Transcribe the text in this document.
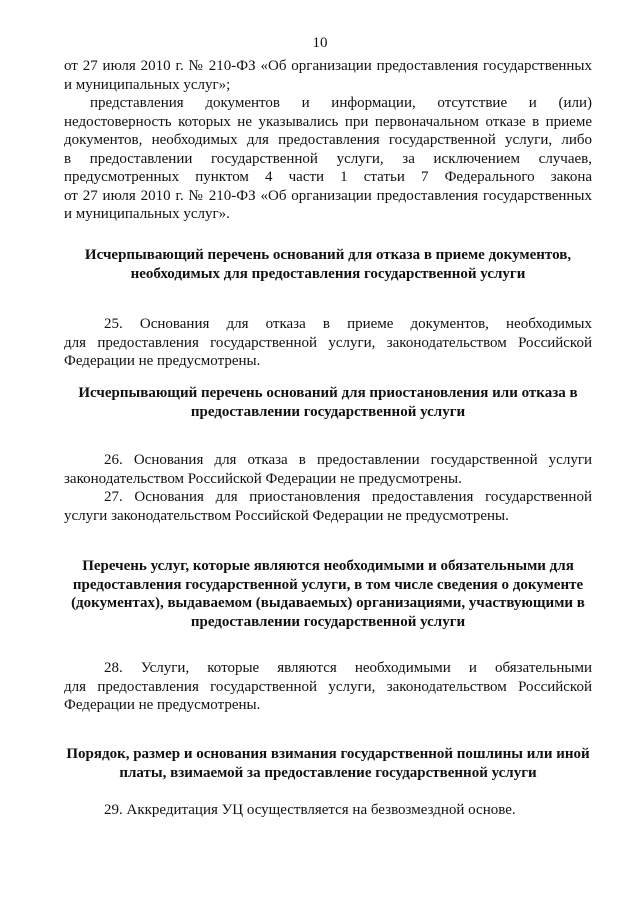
10

от 27 июля 2010 г. № 210-ФЗ «Об организации предоставления государственных
и муниципальных услуг»;

представления документов и информации, отсутствие и (или)
недостоверность которых не указывались при первоначальном отказе в приеме
документов, необходимых для предоставления государственной услуги, либо
в предоставлении государственной услуги, за исключением случаев,
предусмотренных пунктом 4 части 1 статьи 7 Федерального закона
от 27 июля 2010 г. № 210-ФЗ «Об организации предоставления государственных
и муниципальных услуг».

Исчерпывающий перечень оснований для отказа в приеме документов,
необходимых для предоставления государственной услуги

25. Основания для отказа в приеме документов, необходимых
для предоставления государственной услуги, законодательством Российской
Федерации не предусмотрены.

Исчерпывающий перечень оснований для приостановления или отказа в
предоставлении государственной услуги

26. Основания для отказа в предоставлении государственной услуги
законодательством Российской Федерации не предусмотрены.

27. Основания для приостановления предоставления государственной
услуги законодательством Российской Федерации не предусмотрены.

Перечень услуг, которые являются необходимыми и обязательными для
предоставления государственной услуги, в том числе сведения о документе
(документах), выдаваемом (выдаваемых) организациями, участвующими в
предоставлении государственной услуги

28. Услуги, которые являются необходимыми и обязательными
для предоставления государственной услуги, законодательством Российской
Федерации не предусмотрены.

Порядок, размер и основания взимания государственной пошлины или иной
платы, взимаемой за предоставление государственной услуги

29. Аккредитация УЦ осуществляется на безвозмездной основе.
